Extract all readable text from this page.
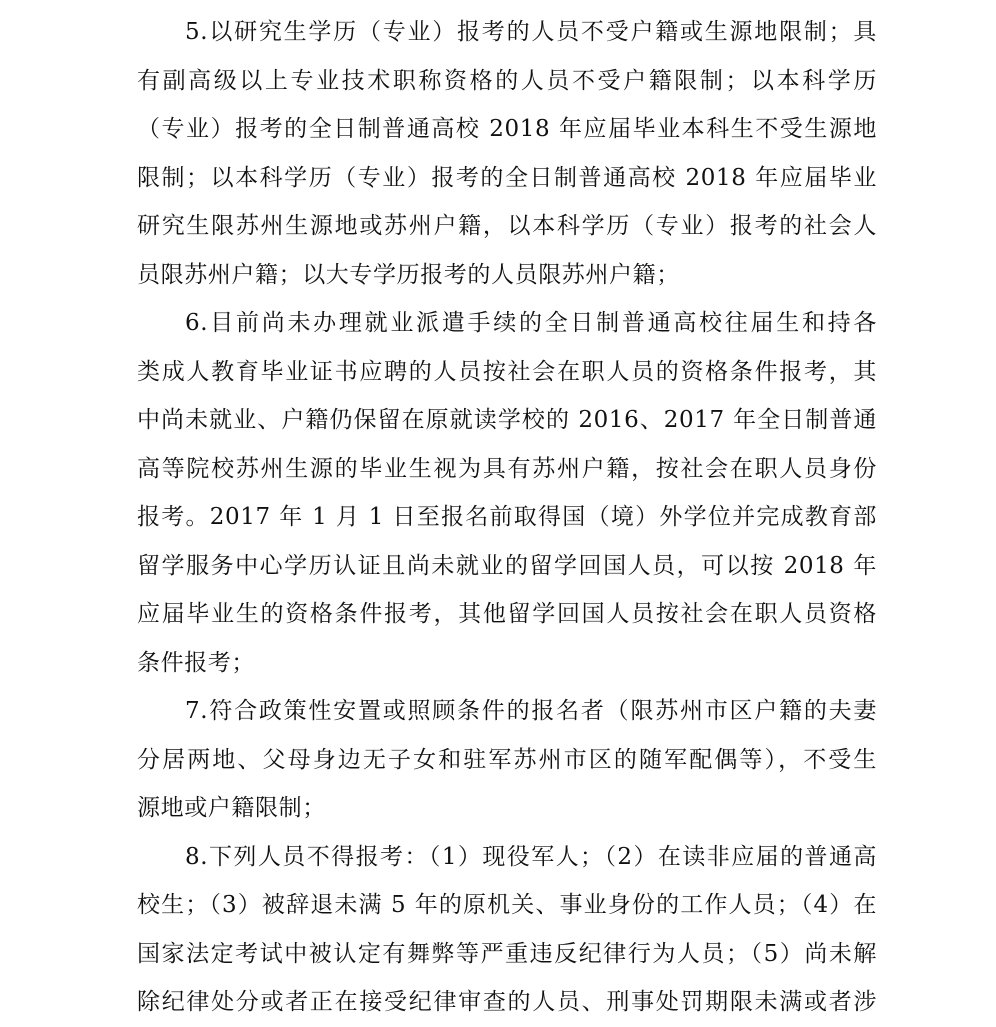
5.以研究生学历（专业）报考的人员不受户籍或生源地限制；具
有副高级以上专业技术职称资格的人员不受户籍限制；以本科学历
（专业）报考的全日制普通高校 2018 年应届毕业本科生不受生源地
限制；以本科学历（专业）报考的全日制普通高校 2018 年应届毕业
研究生限苏州生源地或苏州户籍，以本科学历（专业）报考的社会人
员限苏州户籍；以大专学历报考的人员限苏州户籍；
6.目前尚未办理就业派遣手续的全日制普通高校往届生和持各
类成人教育毕业证书应聘的人员按社会在职人员的资格条件报考，其
中尚未就业、户籍仍保留在原就读学校的 2016、2017 年全日制普通
高等院校苏州生源的毕业生视为具有苏州户籍，按社会在职人员身份
报考。2017 年 1 月 1 日至报名前取得国（境）外学位并完成教育部
留学服务中心学历认证且尚未就业的留学回国人员，可以按 2018 年
应届毕业生的资格条件报考，其他留学回国人员按社会在职人员资格
条件报考；
7.符合政策性安置或照顾条件的报名者（限苏州市区户籍的夫妻
分居两地、父母身边无子女和驻军苏州市区的随军配偶等），不受生
源地或户籍限制；
8.下列人员不得报考：（1）现役军人；（2）在读非应届的普通高
校生；（3）被辞退未满 5 年的原机关、事业身份的工作人员；（4）在
国家法定考试中被认定有舞弊等严重违反纪律行为人员；（5）尚未解
除纪律处分或者正在接受纪律审查的人员、刑事处罚期限未满或者涉
